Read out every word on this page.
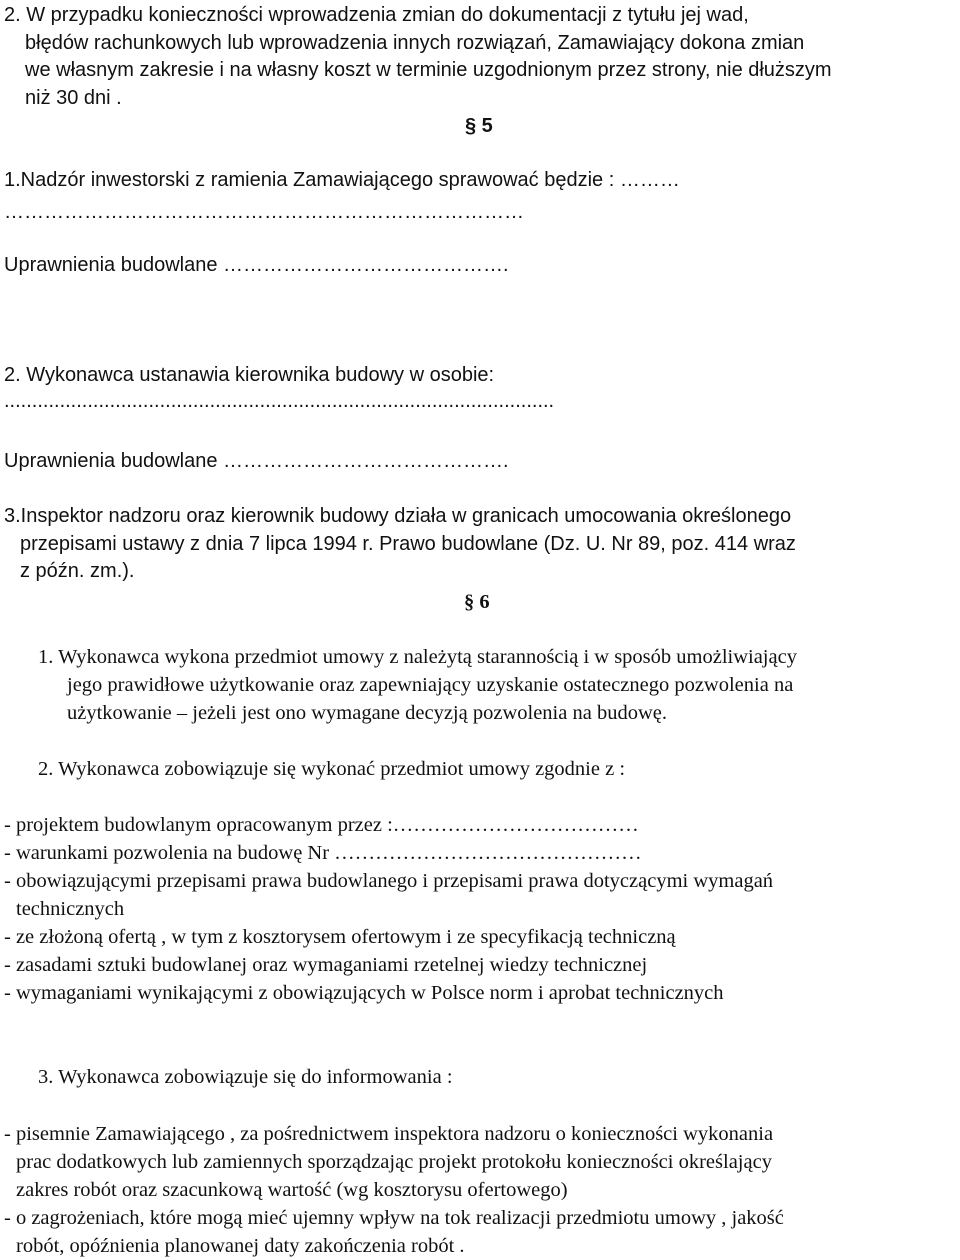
2. W przypadku konieczności wprowadzenia zmian do dokumentacji z tytułu jej wad,
błędów rachunkowych lub wprowadzenia innych rozwiązań, Zamawiający dokona zmian
we własnym zakresie i na własny koszt w terminie uzgodnionym przez strony, nie dłuższym
niż 30 dni .
§ 5
1.Nadzór inwestorski z ramienia Zamawiającego sprawować będzie : ………
……………………………………………………………………
Uprawnienia budowlane …………………………………….
2. Wykonawca ustanawia kierownika budowy w osobie:
...................................................................................................
Uprawnienia budowlane …………………………………….
3.Inspektor nadzoru oraz kierownik budowy działa w granicach umocowania określonego
przepisami ustawy z dnia 7 lipca 1994 r. Prawo budowlane (Dz. U. Nr 89, poz. 414 wraz
z późn. zm.).
§ 6
1. Wykonawca wykona przedmiot umowy z należytą starannością i w sposób umożliwiający
jego prawidłowe użytkowanie oraz zapewniający uzyskanie ostatecznego pozwolenia na
użytkowanie – jeżeli jest ono wymagane decyzją pozwolenia na budowę.
2. Wykonawca zobowiązuje się wykonać przedmiot umowy zgodnie z :
- projektem budowlanym opracowanym przez :………………………………
- warunkami pozwolenia na budowę Nr ………………………………………
- obowiązującymi przepisami prawa budowlanego i przepisami prawa dotyczącymi wymagań
technicznych
- ze złożoną ofertą , w tym z kosztorysem ofertowym i ze specyfikacją techniczną
- zasadami sztuki budowlanej oraz wymaganiami rzetelnej wiedzy technicznej
- wymaganiami wynikającymi z obowiązujących w Polsce norm i aprobat technicznych
3. Wykonawca zobowiązuje się do informowania :
- pisemnie Zamawiającego , za pośrednictwem inspektora nadzoru o konieczności wykonania
prac dodatkowych lub zamiennych sporządzając projekt protokołu konieczności określający
zakres robót oraz szacunkową wartość (wg kosztorysu ofertowego)
- o zagrożeniach, które mogą mieć ujemny wpływ na tok realizacji przedmiotu umowy , jakość
robót, opóźnienia planowanej daty zakończenia robót .
